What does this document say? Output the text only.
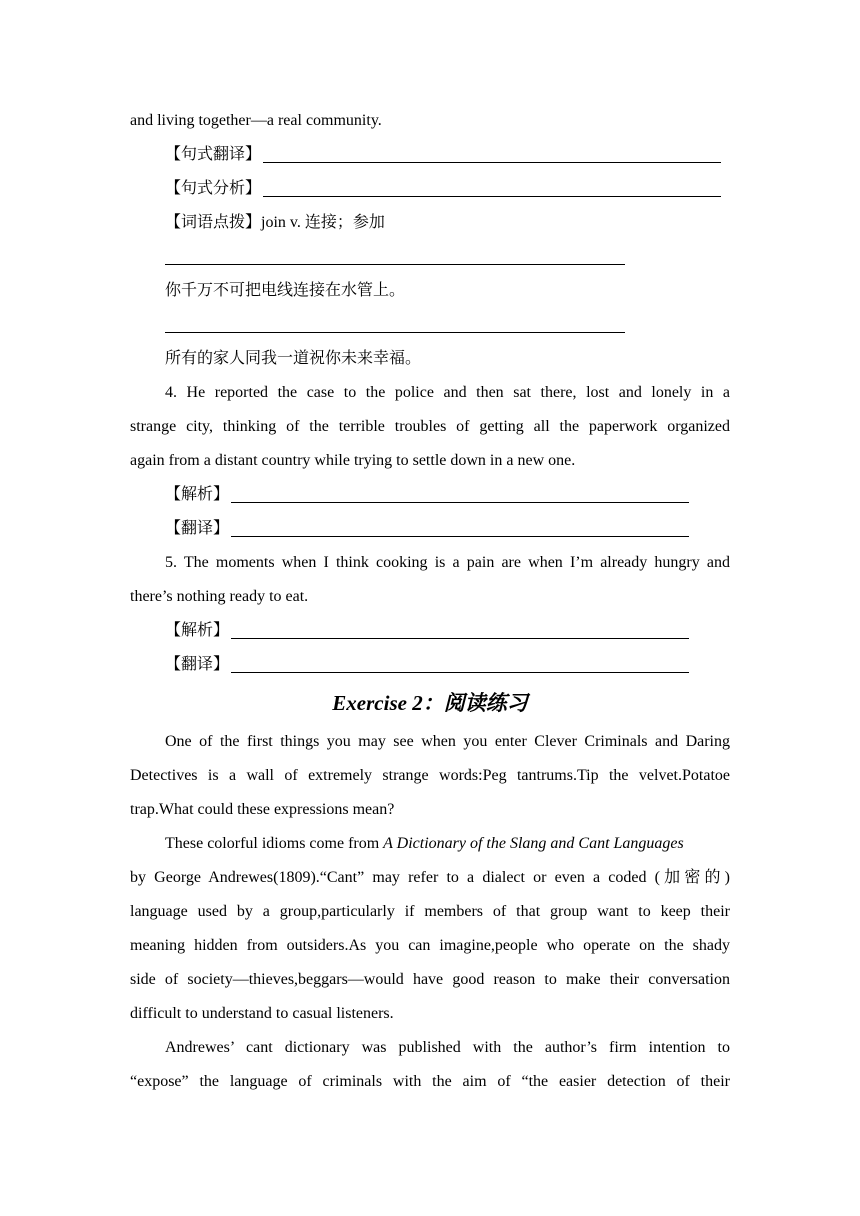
and living together—a real community.
【句式翻译】
【句式分析】
【词语点拨】join v. 连接；参加
你千万不可把电线连接在水管上。
所有的家人同我一道祝你未来幸福。
4. He reported the case to the police and then sat there, lost and lonely in a
strange city, thinking of the terrible troubles of getting all the paperwork organized
again from a distant country while trying to settle down in a new one.
【解析】
【翻译】
5. The moments when I think cooking is a pain are when I’m already hungry and
there’s nothing ready to eat.
【解析】
【翻译】
Exercise 2：阅读练习
One of the first things you may see when you enter Clever Criminals and Daring
Detectives is a wall of extremely strange words:Peg tantrums.Tip the velvet.Potatoe
trap.What could these expressions mean?
These colorful idioms come from A Dictionary of the Slang and Cant Languages
by George Andrewes(1809).“Cant” may refer to a dialect or even a coded (加密的)
language used by a group,particularly if members of that group want to keep their
meaning hidden from outsiders.As you can imagine,people who operate on the shady
side of society—thieves,beggars—would have good reason to make their conversation
difficult to understand to casual listeners.
Andrewes’ cant dictionary was published with the author’s firm intention to
“expose” the language of criminals with the aim of “the easier detection of their
